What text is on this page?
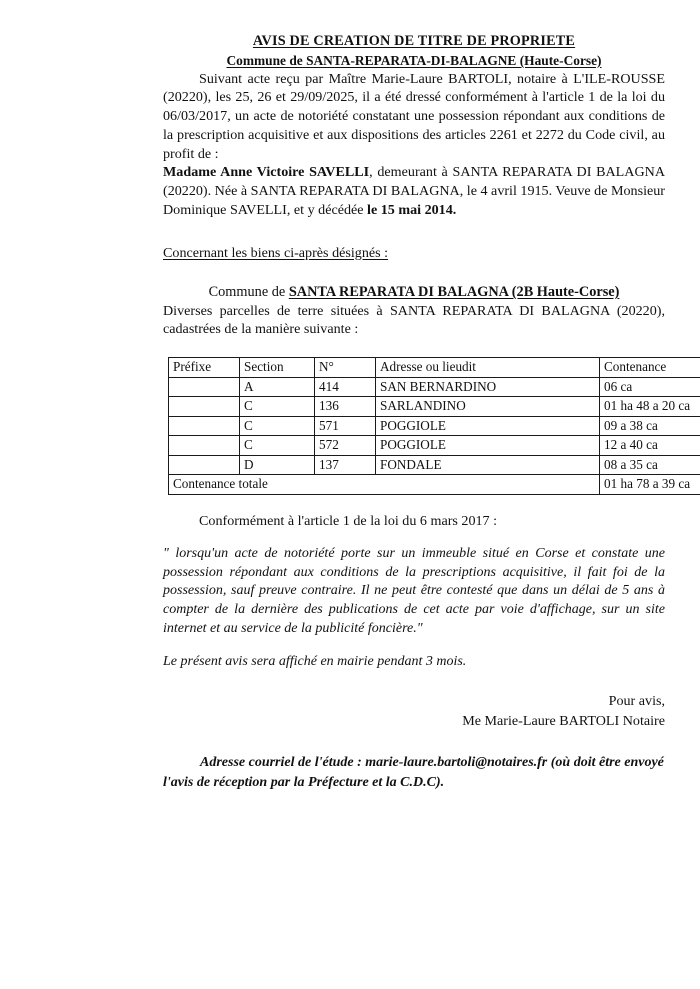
AVIS DE CREATION DE TITRE DE PROPRIETE
Commune de SANTA-REPARATA-DI-BALAGNE (Haute-Corse)

Suivant acte reçu par Maître Marie-Laure BARTOLI, notaire à L'ILE-ROUSSE (20220), les 25, 26 et 29/09/2025, il a été dressé conformément à l'article 1 de la loi du 06/03/2017, un acte de notoriété constatant une possession répondant aux conditions de la prescription acquisitive et aux dispositions des articles 2261 et 2272 du Code civil, au profit de :

Madame Anne Victoire SAVELLI, demeurant à SANTA REPARATA DI BALAGNA (20220). Née à SANTA REPARATA DI BALAGNA, le 4 avril 1915. Veuve de Monsieur Dominique SAVELLI, et y décédée le 15 mai 2014.

Concernant les biens ci-après désignés :
Commune de SANTA REPARATA DI BALAGNA (2B Haute-Corse)

Diverses parcelles de terre situées à SANTA REPARATA DI BALAGNA (20220), cadastrées de la manière suivante :

Préfixe	Section	N°	Adresse ou lieudit	Contenance
	A	414	SAN BERNARDINO	06 ca
	C	136	SARLANDINO	01 ha 48 a 20 ca
	C	571	POGGIOLE	09 a 38 ca
	C	572	POGGIOLE	12 a 40 ca
	D	137	FONDALE	08 a 35 ca
Contenance totale				01 ha 78 a 39 ca

Conformément à l'article 1 de la loi du 6 mars 2017 :

" lorsqu'un acte de notoriété porte sur un immeuble situé en Corse et constate une possession répondant aux conditions de la prescriptions acquisitive, il fait foi de la possession, sauf preuve contraire. Il ne peut être contesté que dans un délai de 5 ans à compter de la dernière des publications de cet acte par voie d'affichage, sur un site internet et au service de la publicité foncière."

Le présent avis sera affiché en mairie pendant 3 mois.

Pour avis,
Me Marie-Laure BARTOLI Notaire

Adresse courriel de l'étude : marie-laure.bartoli@notaires.fr (où doit être envoyé l'avis de réception par la Préfecture et la C.D.C).
